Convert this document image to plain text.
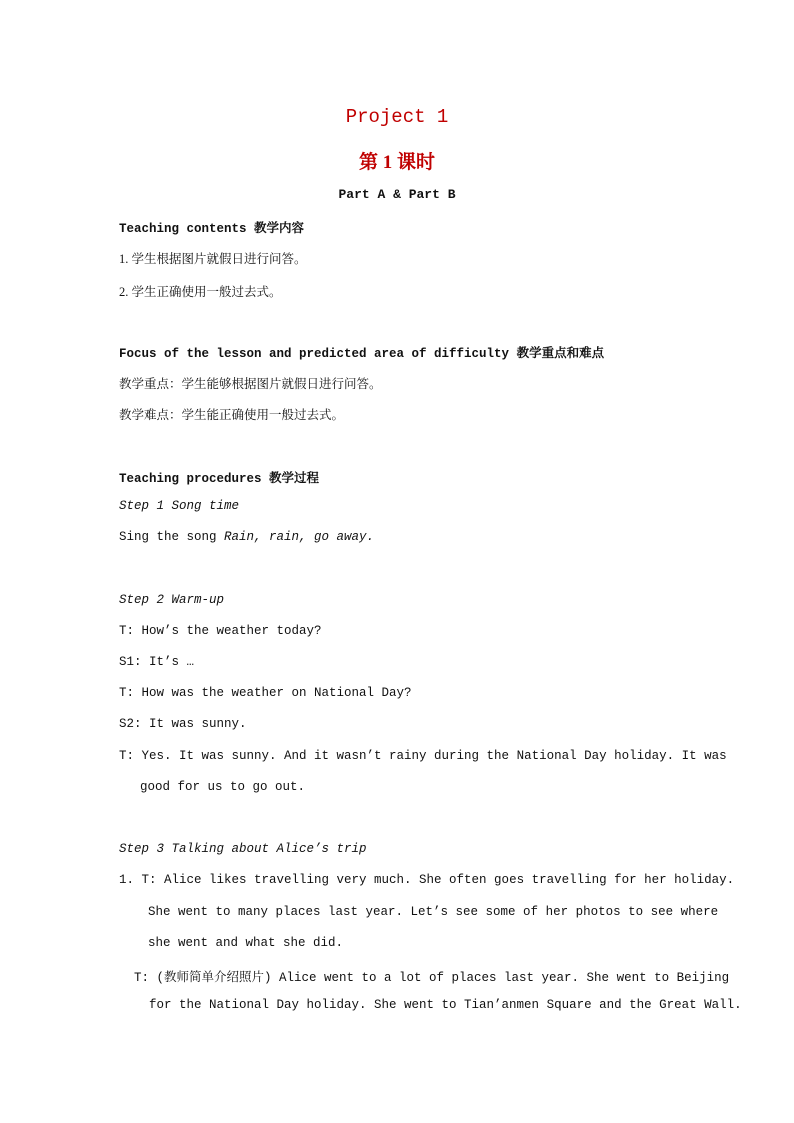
Project 1
第 1 课时
Part A & Part B
Teaching contents 教学内容
1. 学生根据图片就假日进行问答。
2. 学生正确使用一般过去式。
Focus of the lesson and predicted area of difficulty 教学重点和难点
教学重点：学生能够根据图片就假日进行问答。
教学难点：学生能正确使用一般过去式。
Teaching procedures 教学过程
Step 1 Song time
Sing the song Rain, rain, go away.
Step 2 Warm-up
T: How’s the weather today?
S1: It’s …
T: How was the weather on National Day?
S2: It was sunny.
T: Yes. It was sunny. And it wasn’t rainy during the National Day holiday. It was
good for us to go out.
Step 3 Talking about Alice’s trip
1. T: Alice likes travelling very much. She often goes travelling for her holiday.
She went to many places last year. Let’s see some of her photos to see where
she went and what she did.
T: (教师简单介绍照片) Alice went to a lot of places last year. She went to Beijing
for the National Day holiday. She went to Tian’anmen Square and the Great Wall.
